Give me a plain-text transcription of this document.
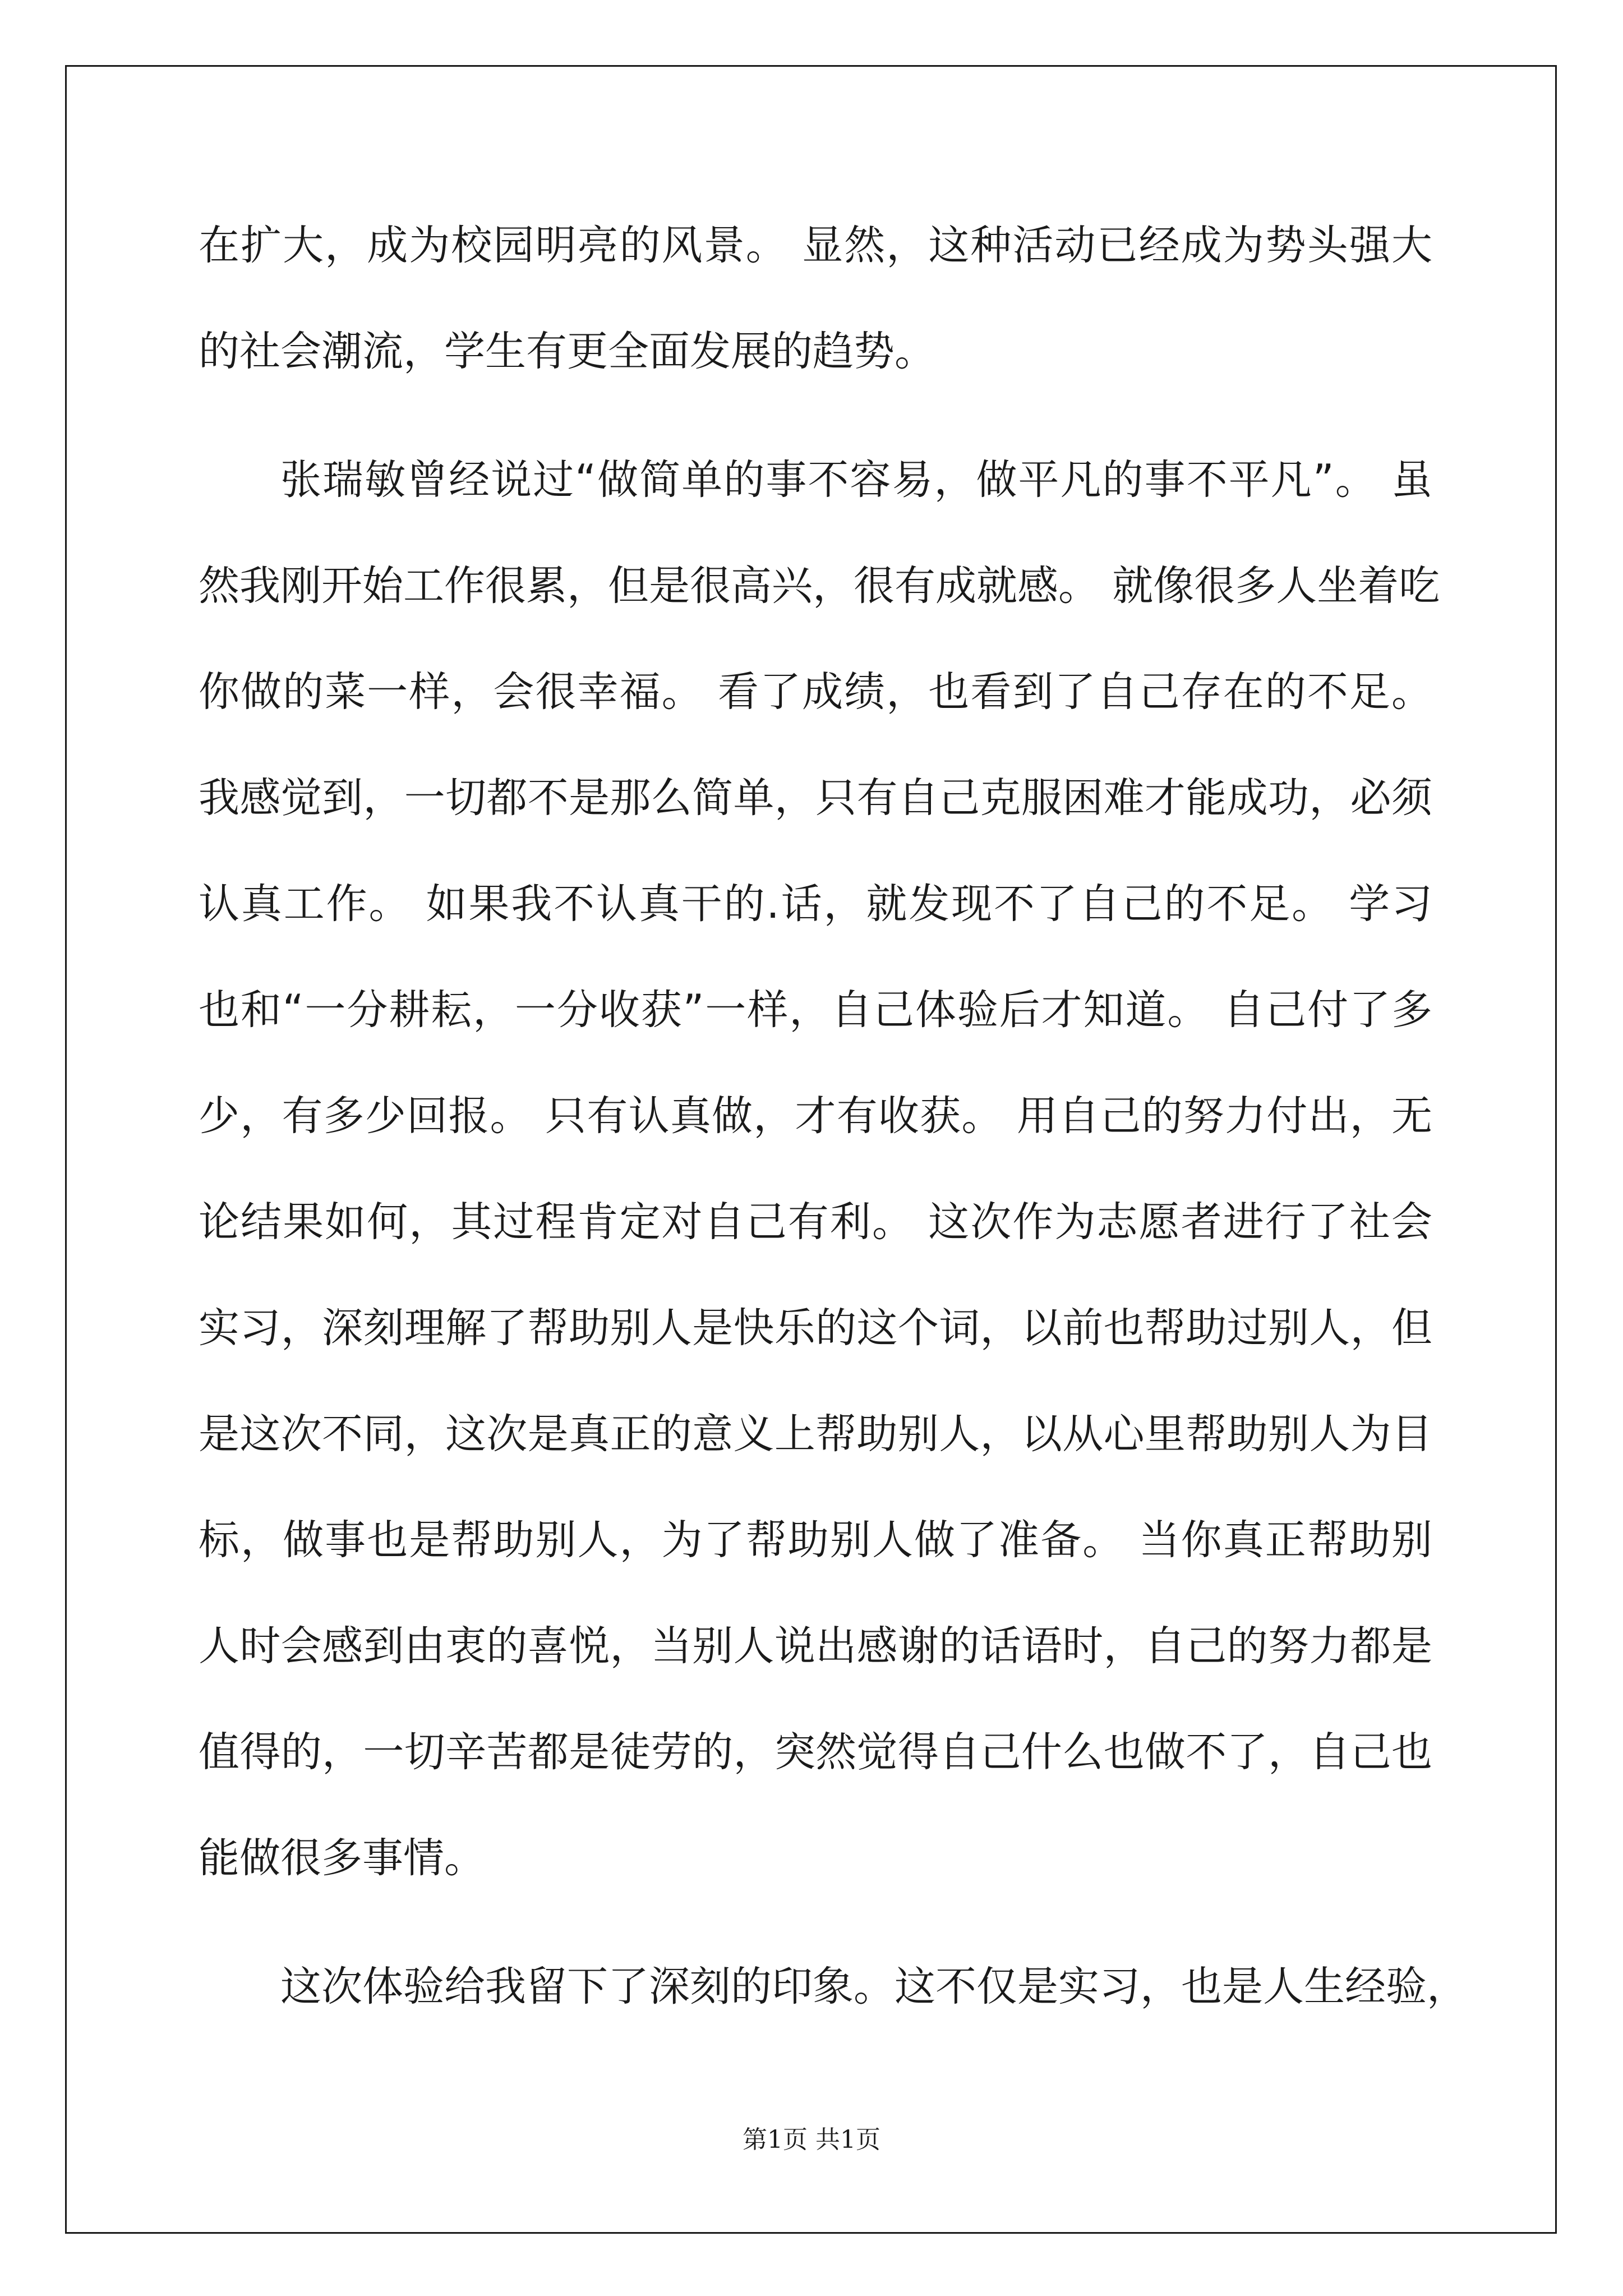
在扩大，成为校园明亮的风景。 显然，这种活动已经成为势头强大
的社会潮流，学生有更全面发展的趋势。
张瑞敏曾经说过“做简单的事不容易，做平凡的事不平凡”。 虽
然我刚开始工作很累，但是很高兴，很有成就感。 就像很多人坐着吃
你做的菜一样，会很幸福。 看了成绩，也看到了自己存在的不足。
我感觉到，一切都不是那么简单，只有自己克服困难才能成功，必须
认真工作。 如果我不认真干的.话，就发现不了自己的不足。 学习
也和“一分耕耘，一分收获”一样，自己体验后才知道。 自己付了多
少，有多少回报。 只有认真做，才有收获。 用自己的努力付出，无
论结果如何，其过程肯定对自己有利。 这次作为志愿者进行了社会
实习，深刻理解了帮助别人是快乐的这个词，以前也帮助过别人，但
是这次不同，这次是真正的意义上帮助别人，以从心里帮助别人为目
标，做事也是帮助别人，为了帮助别人做了准备。 当你真正帮助别
人时会感到由衷的喜悦，当别人说出感谢的话语时，自己的努力都是
值得的，一切辛苦都是徒劳的，突然觉得自己什么也做不了，自己也
能做很多事情。
这次体验给我留下了深刻的印象。这不仅是实习，也是人生经验，
第1页 共1页
